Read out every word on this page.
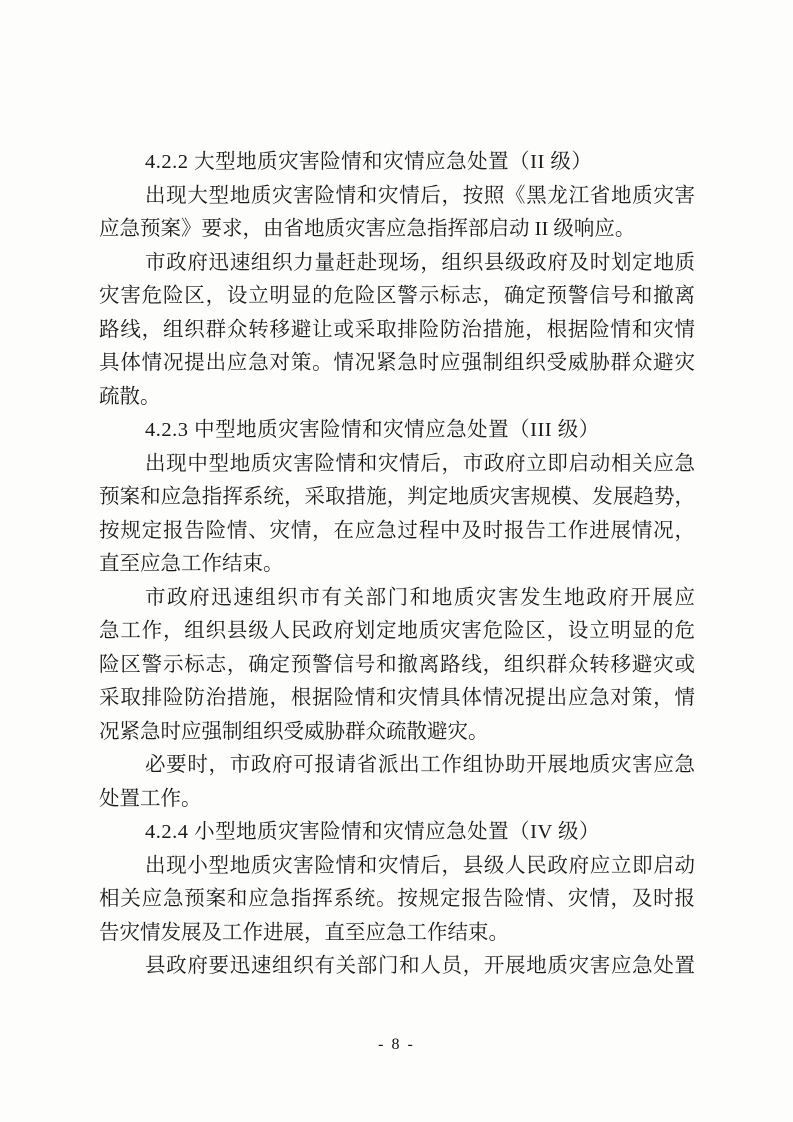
4.2.2 大型地质灾害险情和灾情应急处置（II 级）
出现大型地质灾害险情和灾情后，按照《黑龙江省地质灾害
应急预案》要求，由省地质灾害应急指挥部启动 II 级响应。
市政府迅速组织力量赶赴现场，组织县级政府及时划定地质
灾害危险区，设立明显的危险区警示标志，确定预警信号和撤离
路线，组织群众转移避让或采取排险防治措施，根据险情和灾情
具体情况提出应急对策。情况紧急时应强制组织受威胁群众避灾
疏散。
4.2.3 中型地质灾害险情和灾情应急处置（III 级）
出现中型地质灾害险情和灾情后，市政府立即启动相关应急
预案和应急指挥系统，采取措施，判定地质灾害规模、发展趋势，
按规定报告险情、灾情，在应急过程中及时报告工作进展情况，
直至应急工作结束。
市政府迅速组织市有关部门和地质灾害发生地政府开展应
急工作，组织县级人民政府划定地质灾害危险区，设立明显的危
险区警示标志，确定预警信号和撤离路线，组织群众转移避灾或
采取排险防治措施，根据险情和灾情具体情况提出应急对策，情
况紧急时应强制组织受威胁群众疏散避灾。
必要时，市政府可报请省派出工作组协助开展地质灾害应急
处置工作。
4.2.4 小型地质灾害险情和灾情应急处置（IV 级）
出现小型地质灾害险情和灾情后，县级人民政府应立即启动
相关应急预案和应急指挥系统。按规定报告险情、灾情，及时报
告灾情发展及工作进展，直至应急工作结束。
县政府要迅速组织有关部门和人员，开展地质灾害应急处置
- 8 -
